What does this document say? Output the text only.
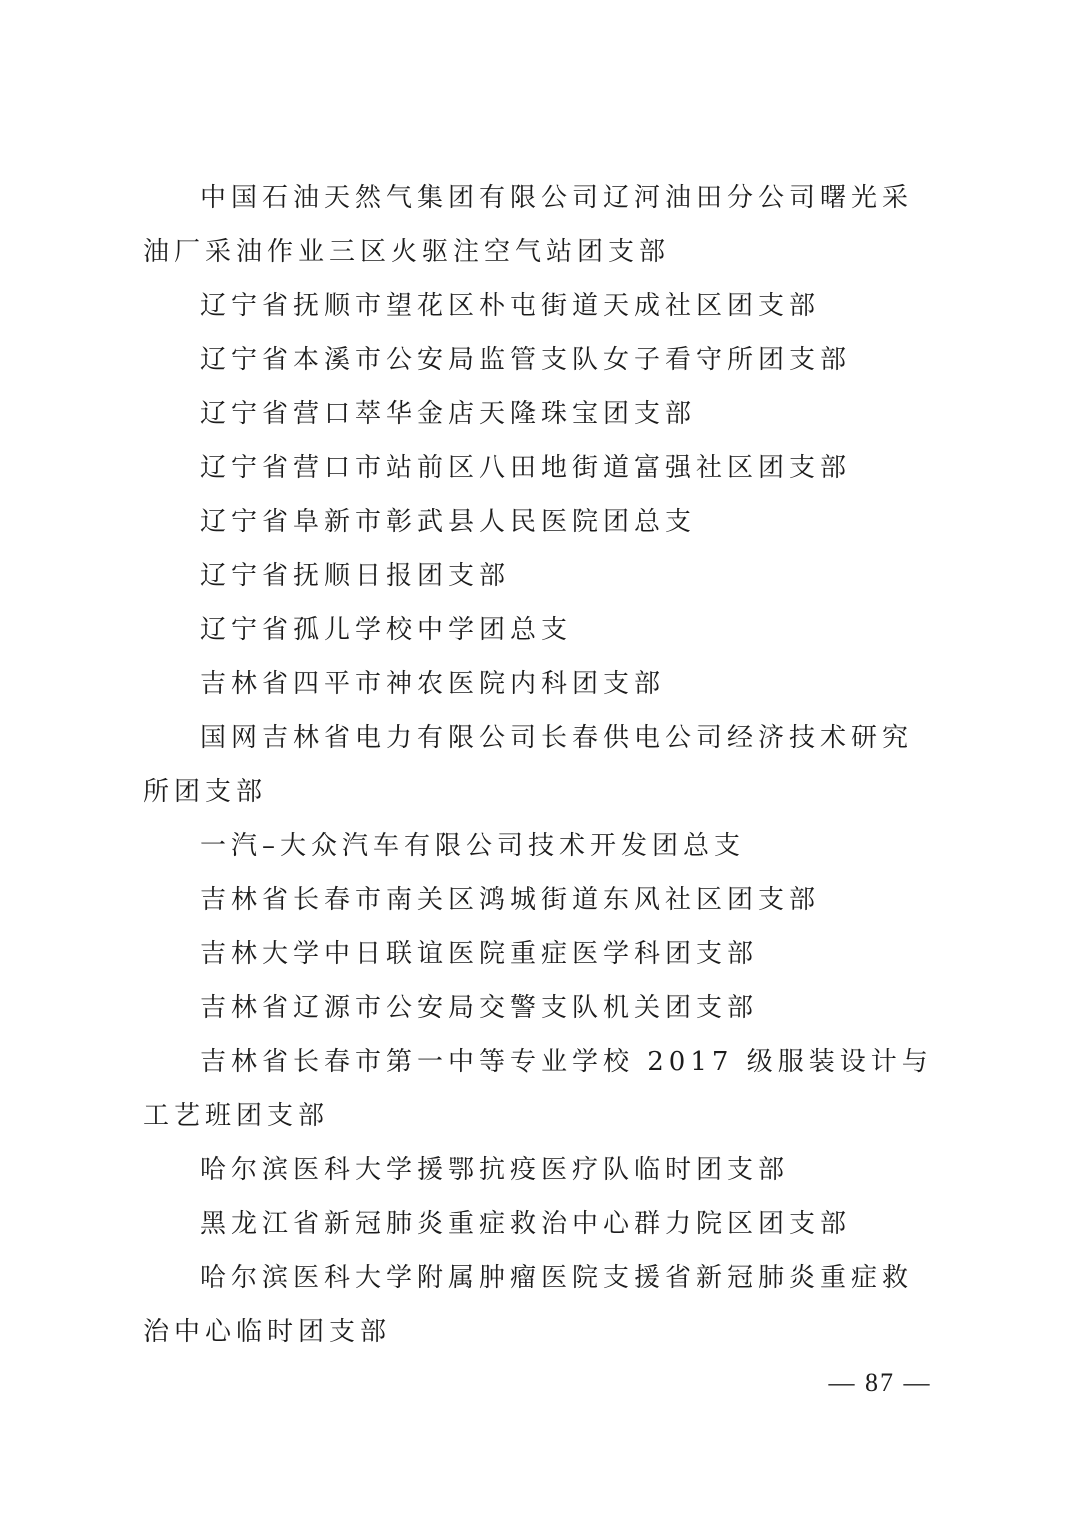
中国石油天然气集团有限公司辽河油田分公司曙光采油厂采油作业三区火驱注空气站团支部

辽宁省抚顺市望花区朴屯街道天成社区团支部

辽宁省本溪市公安局监管支队女子看守所团支部

辽宁省营口萃华金店天隆珠宝团支部

辽宁省营口市站前区八田地街道富强社区团支部

辽宁省阜新市彰武县人民医院团总支

辽宁省抚顺日报团支部

辽宁省孤儿学校中学团总支

吉林省四平市神农医院内科团支部

国网吉林省电力有限公司长春供电公司经济技术研究所团支部

一汽–大众汽车有限公司技术开发团总支

吉林省长春市南关区鸿城街道东风社区团支部

吉林大学中日联谊医院重症医学科团支部

吉林省辽源市公安局交警支队机关团支部

吉林省长春市第一中等专业学校 2017 级服装设计与工艺班团支部

哈尔滨医科大学援鄂抗疫医疗队临时团支部

黑龙江省新冠肺炎重症救治中心群力院区团支部

哈尔滨医科大学附属肿瘤医院支援省新冠肺炎重症救治中心临时团支部

— 87 —
